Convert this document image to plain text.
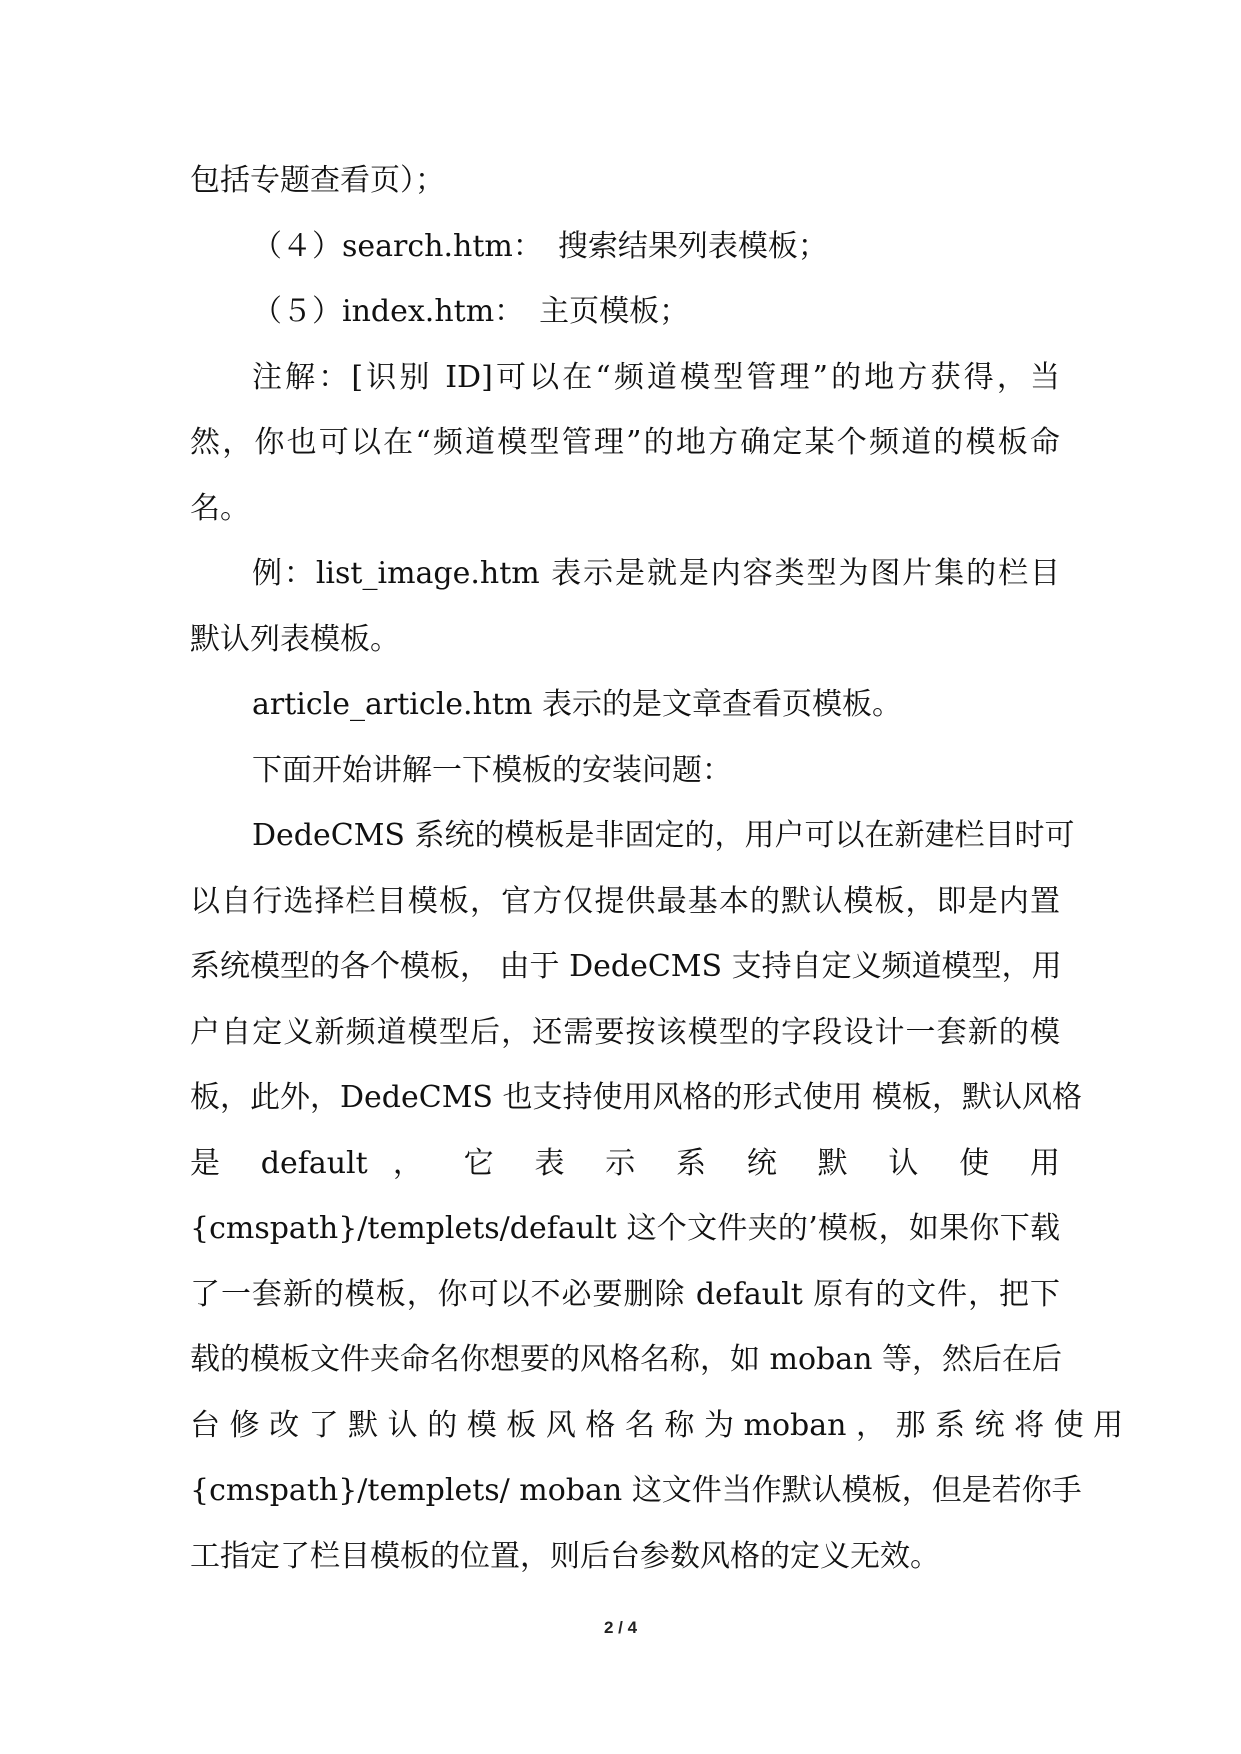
包括专题查看页）；
（４）search.htm：　搜索结果列表模板；
（５）index.htm：　主页模板；
注解：[识别 ID]可以在“频道模型管理”的地方获得，当
然，你也可以在“频道模型管理”的地方确定某个频道的模板命
名。
例：list_image.htm 表示是就是内容类型为图片集的栏目
默认列表模板。
article_article.htm 表示的是文章查看页模板。
下面开始讲解一下模板的安装问题：
DedeCMS 系统的模板是非固定的，用户可以在新建栏目时可
以自行选择栏目模板，官方仅提供最基本的默认模板，即是内置
系统模型的各个模板， 由于 DedeCMS 支持自定义频道模型，用
户自定义新频道模型后，还需要按该模型的字段设计一套新的模
板，此外，DedeCMS 也支持使用风格的形式使用 模板，默认风格
是 default ， 它 表 示 系 统 默 认 使 用
{cmspath}/templets/default 这个文件夹的’模板，如果你下载
了一套新的模板，你可以不必要删除 default 原有的文件，把下
载的模板文件夹命名你想要的风格名称，如 moban 等，然后在后
台 修 改 了 默 认 的 模 板 风 格 名 称 为 moban ， 那 系 统 将 使 用
{cmspath}/templets/ moban 这文件当作默认模板，但是若你手
工指定了栏目模板的位置，则后台参数风格的定义无效。
2 / 4
